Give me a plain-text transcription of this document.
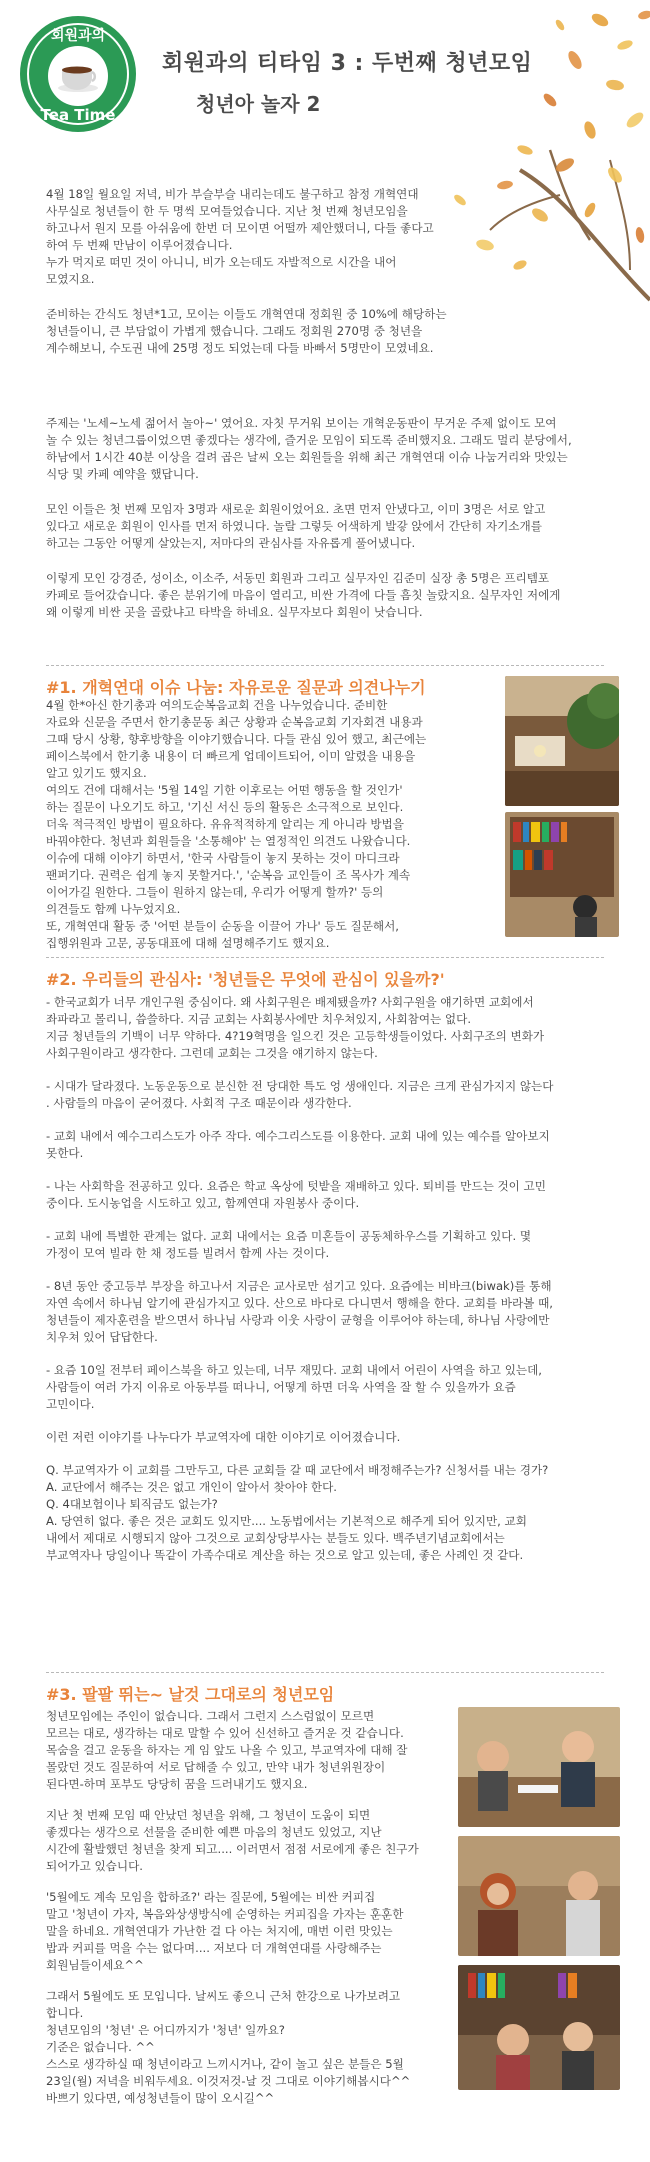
회원과의
Tea Time
회원과의 티타임 3 : 두번째 청년모임
청년아 놀자 2

4월 18일 월요일 저녁, 비가 부슬부슬 내리는데도 불구하고 참정 개혁연대
사무실로 청년들이 한 두 명씩 모여들었습니다. 지난 첫 번째 청년모임을
하고나서 원지 모를 아쉬움에 한번 더 모이면 어떨까 제안했더니, 다들 좋다고
하여 두 번째 만남이 이루어졌습니다.
누가 먹지로 떠민 것이 아니니, 비가 오는데도 자발적으로 시간을 내어
모였지요.

준비하는 간식도 청년*1고, 모이는 이들도 개혁연대 정회원 중 10%에 해당하는
청년들이니, 큰 부담없이 가볍게 했습니다. 그래도 정회원 270명 중 청년을
계수해보니, 수도권 내에 25명 정도 되었는데 다들 바빠서 5명만이 모였네요.

주제는 '노세~노세 젊어서 놀아~' 였어요. 자칫 무거워 보이는 개혁운동판이 무거운 주제 없이도 모여
놀 수 있는 청년그룹이었으면 좋겠다는 생각에, 즐거운 모임이 되도록 준비했지요. 그래도 멀리 분당에서,
하남에서 1시간 40분 이상을 걸려 곱은 날씨 오는 회원들을 위해 최근 개혁연대 이슈 나눔거리와 맛있는
식당 및 카페 예약을 했답니다.

모인 이들은 첫 번째 모임자 3명과 새로운 회원이었어요. 초면 먼저 안냈다고, 이미 3명은 서로 알고
있다고 새로운 회원이 인사를 먼저 하였니다. 놀랄 그렇듯 어색하게 발갛 앉에서 간단히 자기소개를
하고는 그동안 어떻게 살았는지, 저마다의 관심사를 자유롭게 풀어냈니다.

이렇게 모인 강경준, 성이소, 이소주, 서동민 회원과 그리고 실무자인 김준미 실장 총 5명은 프리템포
카페로 들어갔습니다. 좋은 분위기에 마음이 열리고, 비싼 가격에 다들 흠칫 놀랐지요. 실무자인 저에게
왜 이렇게 비싼 곳을 골랐냐고 타박을 하네요. 실무자보다 회원이 낫습니다.

#1. 개혁연대 이슈 나눔: 자유로운 질문과 의견나누기

4월 한*아신 한기총과 여의도순복음교회 건을 나누었습니다. 준비한
자료와 신문을 주면서 한기총문동 최근 상황과 순복음교회 기자회견 내용과
그때 당시 상황, 향후방향을 이야기했습니다. 다들 관심 있어 했고, 최근에는
페이스북에서 한기총 내용이 더 빠르게 업데이트되어, 이미 알렸을 내용을
알고 있기도 했지요.
여의도 건에 대해서는 '5월 14일 기한 이후로는 어떤 행동을 할 것인가'
하는 질문이 나오기도 하고, '기신 서신 등의 활동은 소극적으로 보인다.
더욱 적극적인 방법이 필요하다. 유유적적하게 알리는 게 아니라 방법을
바꿔야한다. 청년과 회원들을 '소통해야' 는 열정적인 의견도 나왔습니다.
이슈에 대해 이야기 하면서, '한국 사람들이 놓지 못하는 것이 마디크라
팬퍼기다. 권력은 쉽게 놓지 못할거다.', '순복음 교인들이 조 목사가 계속
이어가길 원한다. 그들이 원하지 않는데, 우리가 어떻게 할까?' 등의
의견들도 함께 나누었지요.
또, 개혁연대 활동 중 '어떤 분들이 순동을 이끌어 가나' 등도 질문해서,
집행위원과 고문, 공동대표에 대해 설명해주기도 했지요.

#2. 우리들의 관심사: '청년들은 무엇에 관심이 있을까?'

- 한국교회가 너무 개인구원 중심이다. 왜 사회구원은 배제됐을까? 사회구원을 얘기하면 교회에서
좌파라고 몰리니, 씁쓸하다. 지금 교회는 사회봉사에만 치우쳐있지, 사회참여는 없다.
지금 청년들의 기백이 너무 약하다. 4?19혁명을 일으킨 것은 고등학생들이었다. 사회구조의 변화가
사회구원이라고 생각한다. 그런데 교회는 그것을 얘기하지 않는다.

- 시대가 달라졌다. 노동운동으로 분신한 전 당대한 특도 엉 생애인다. 지금은 크게 관심가지지 않는다
. 사람들의 마음이 굳어졌다. 사회적 구조 때문이라 생각한다.

- 교회 내에서 예수그리스도가 아주 작다. 예수그리스도를 이용한다. 교회 내에 있는 예수를 알아보지
못한다.

- 나는 사회학을 전공하고 있다. 요즘은 학교 옥상에 텃밭을 재배하고 있다. 퇴비를 만드는 것이 고민
중이다. 도시농업을 시도하고 있고, 함께연대 자원봉사 중이다.

- 교회 내에 특별한 관계는 없다. 교회 내에서는 요즘 미혼들이 공동체하우스를 기획하고 있다. 몇
가정이 모여 빌라 한 채 정도를 빌려서 함께 사는 것이다.

- 8년 동안 중고등부 부장을 하고나서 지금은 교사로만 섬기고 있다. 요즘에는 비바크(biwak)를 통해
자연 속에서 하나님 알기에 관심가지고 있다. 산으로 바다로 다니면서 행해을 한다. 교회를 바라볼 때,
청년들이 제자훈련을 받으면서 하나님 사랑과 이웃 사랑이 균형을 이루어야 하는데, 하나님 사랑에만
치우쳐 있어 답답한다.

- 요즘 10일 전부터 페이스북을 하고 있는데, 너무 재밌다. 교회 내에서 어린이 사역을 하고 있는데,
사람들이 여러 가지 이유로 아동부를 떠나니, 어떻게 하면 더욱 사역을 잘 할 수 있을까가 요즘
고민이다.

이런 저런 이야기를 나누다가 부교역자에 대한 이야기로 이어졌습니다.

Q. 부교역자가 이 교회를 그만두고, 다른 교회들 갈 때 교단에서 배정해주는가? 신청서를 내는 경가?
A. 교단에서 해주는 것은 없고 개인이 알아서 찾아야 한다.
Q. 4대보험이나 퇴직금도 없는가?
A. 당연히 없다. 좋은 것은 교회도 있지만.... 노동법에서는 기본적으로 해주게 되어 있지만, 교회
내에서 제대로 시행되지 않아 그것으로 교회상당부사는 분들도 있다. 백주년기념교회에서는
부교역자나 당일이나 똑같이 가족수대로 계산을 하는 것으로 알고 있는데, 좋은 사례인 것 같다.

#3. 팔팔 뛰는~ 날것 그대로의 청년모임

청년모임에는 주인이 없습니다. 그래서 그런지 스스럼없이 모르면
모르는 대로, 생각하는 대로 말할 수 있어 신선하고 즐거운 것 같습니다.
목숨을 걸고 운동을 하자는 게 임 앞도 나올 수 있고, 부교역자에 대해 잘
몰랐던 것도 질문하여 서로 답해줄 수 있고, 만약 내가 청년위원장이
된다면-하며 포부도 당당히 꿈을 드러내기도 했지요.

지난 첫 번째 모임 때 안났던 청년을 위해, 그 청년이 도움이 되면
좋겠다는 생각으로 선물을 준비한 예쁜 마음의 청년도 있었고, 지난
시간에 활발했던 청년을 찾게 되고.... 이러면서 점점 서로에게 좋은 친구가
되어가고 있습니다.

'5월에도 계속 모임을 합하죠?' 라는 질문에, 5월에는 비싼 커피집
말고 '청년이 가자, 복음와상생방식에 순영하는 커피집을 가자는 훈훈한
말을 하네요. 개혁연대가 가난한 걸 다 아는 처지에, 매번 이런 맛있는
밥과 커피를 먹을 수는 없다며.... 저보다 더 개혁연대를 사랑해주는
회원님들이세요^^

그래서 5월에도 또 모입니다. 날씨도 좋으니 근처 한강으로 나가보려고
합니다.
청년모임의 '청년' 은 어디까지가 '청년' 일까요?
기준은 없습니다. ^^
스스로 생각하실 때 청년이라고 느끼시거나, 같이 놀고 싶은 분들은 5월
23일(월) 저녁을 비워두세요. 이것저것-날 것 그대로 이야기해봅시다^^
바쁘기 있다면, 예성청년들이 많이 오시길^^
